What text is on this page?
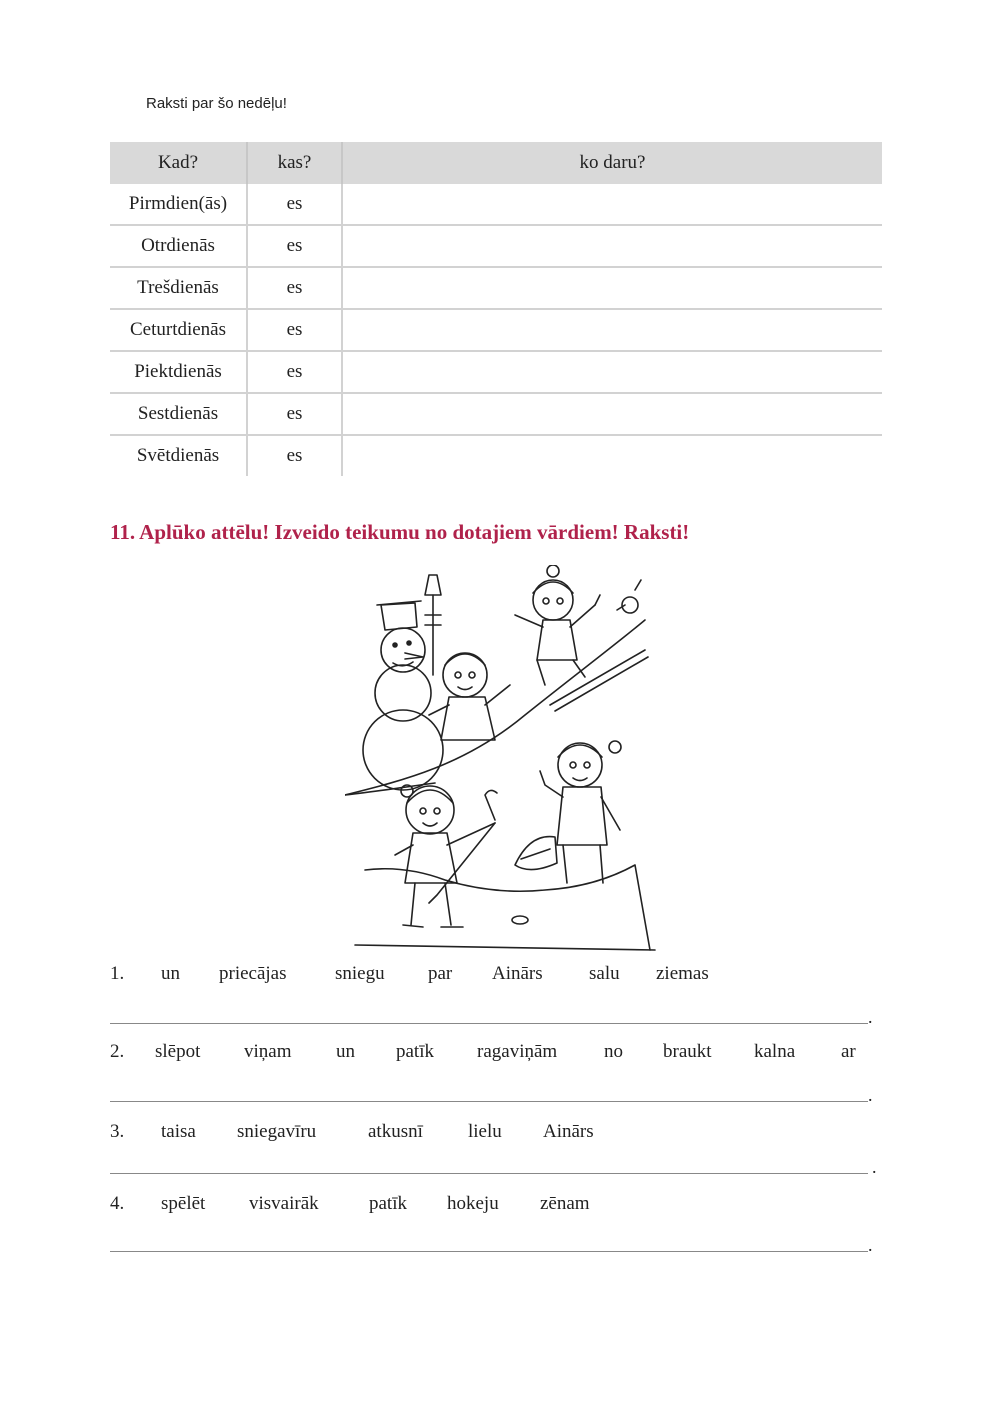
Raksti par šo nedēļu!
Kad?	kas?	ko daru?
Pirmdien(ās)	es	
Otrdienās	es	
Trešdienās	es	
Ceturtdienās	es	
Piektdienās	es	
Sestdienās	es	
Svētdienās	es	
11. Aplūko attēlu! Izveido teikumu no dotajiem vārdiem! Raksti!
1. un priecājas	sniegu par Ainārs salu ziemas
.
2. slēpot viņam un patīk ragaviņām no braukt kalna ar
.
3. taisa sniegavīru	atkusnī lielu Ainārs
.
4. spēlēt visvairāk	patīk hokeju zēnam
.
